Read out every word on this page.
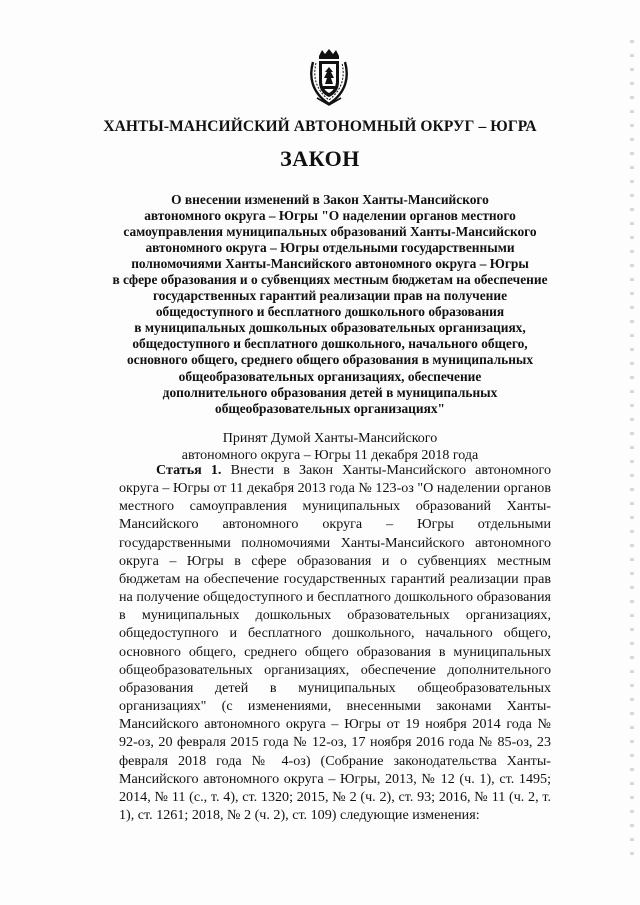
ХАНТЫ-МАНСИЙСКИЙ АВТОНОМНЫЙ ОКРУГ – ЮГРА
ЗАКОН
О внесении изменений в Закон Ханты-Мансийского
автономного округа – Югры "О наделении органов местного
самоуправления муниципальных образований Ханты-Мансийского
автономного округа – Югры отдельными государственными
полномочиями Ханты-Мансийского автономного округа – Югры
в сфере образования и о субвенциях местным бюджетам на обеспечение
государственных гарантий реализации прав на получение
общедоступного и бесплатного дошкольного образования
в муниципальных дошкольных образовательных организациях,
общедоступного и бесплатного дошкольного, начального общего,
основного общего, среднего общего образования в муниципальных
общеобразовательных организациях, обеспечение
дополнительного образования детей в муниципальных
общеобразовательных организациях"
Принят Думой Ханты-Мансийского
автономного округа – Югры 11 декабря 2018 года

Статья 1. Внести в Закон Ханты-Мансийского автономного округа – Югры от 11 декабря 2013 года № 123-оз "О наделении органов местного самоуправления муниципальных образований Ханты-Мансийского автономного округа – Югры отдельными государственными полномочиями Ханты-Мансийского автономного округа – Югры в сфере образования и о субвенциях местным бюджетам на обеспечение государственных гарантий реализации прав на получение общедоступного и бесплатного дошкольного образования в муниципальных дошкольных образовательных организациях, общедоступного и бесплатного дошкольного, начального общего, основного общего, среднего общего образования в муниципальных общеобразовательных организациях, обеспечение дополнительного образования детей в муниципальных общеобразовательных организациях" (с изменениями, внесенными законами Ханты-Мансийского автономного округа – Югры от 19 ноября 2014 года № 92-оз, 20 февраля 2015 года № 12-оз, 17 ноября 2016 года № 85-оз, 23 февраля 2018 года № 4-оз) (Собрание законодательства Ханты-Мансийского автономного округа – Югры, 2013, № 12 (ч. 1), ст. 1495; 2014, № 11 (с., т. 4), ст. 1320; 2015, № 2 (ч. 2), ст. 93; 2016, № 11 (ч. 2, т. 1), ст. 1261; 2018, № 2 (ч. 2), ст. 109) следующие изменения:
